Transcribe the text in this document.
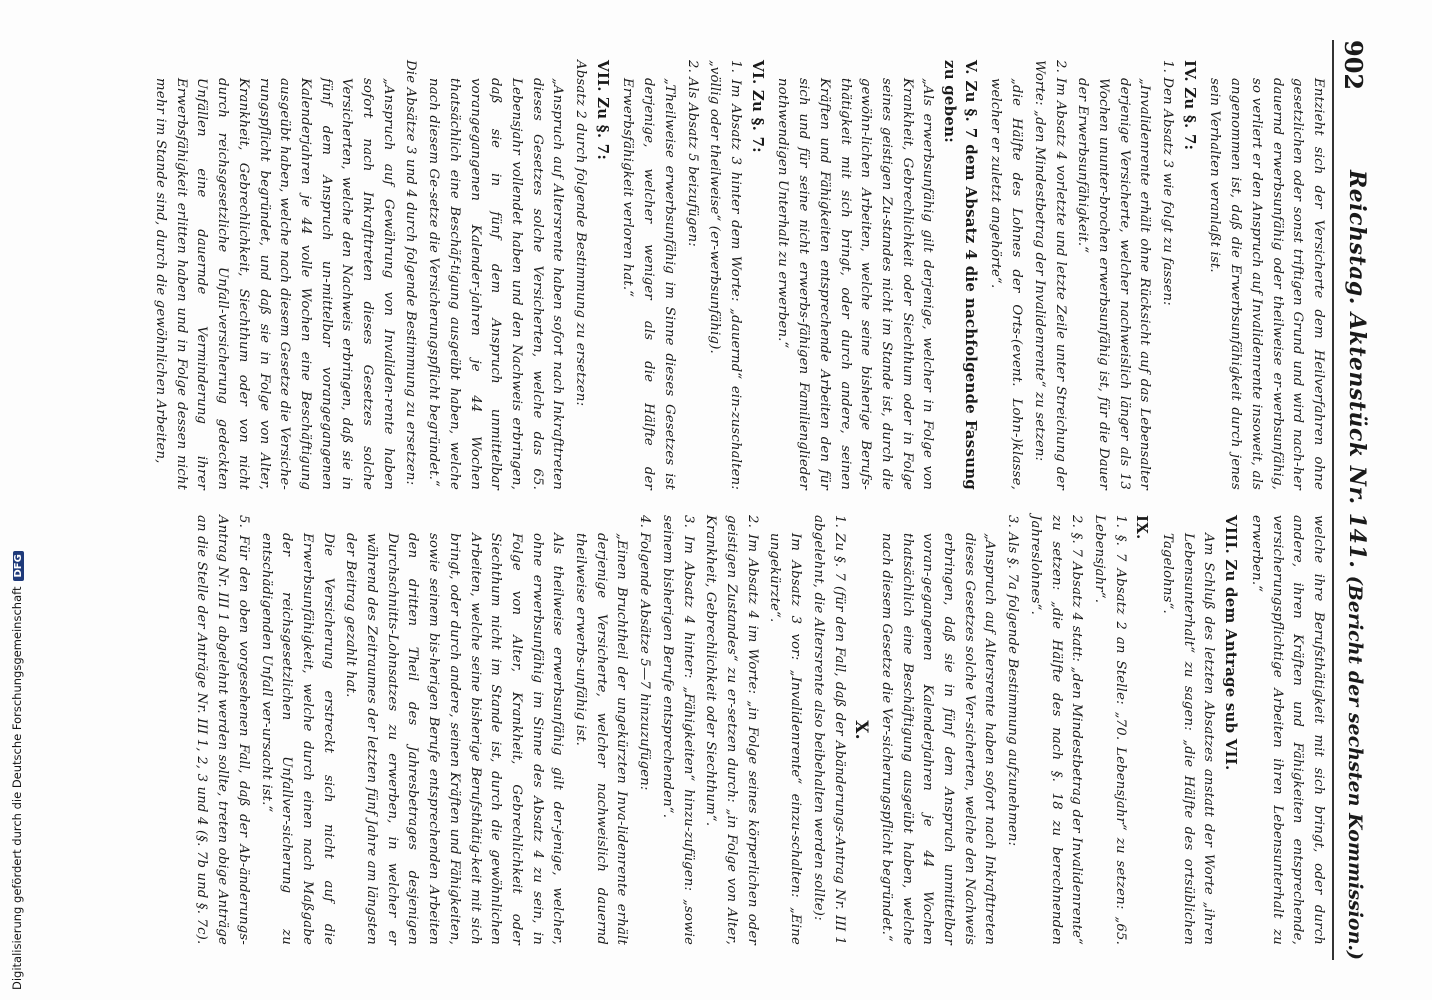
902
Reichstag. Aktenstück Nr. 141.
(Bericht der sechsten Kommission.)
Entzieht sich der Versicherte dem Heilverfahren ohne gesetzlichen oder sonst triftigen Grund und wird nach-her dauernd erwerbsunfähig oder theilweise er-werbsunfähig, so verliert er den Anspruch auf Invalidenrente insoweit, als angenommen ist, daß die Erwerbsunfähigkeit durch jenes sein Verhalten veranlaßt ist.
IV. Zu §. 7:
1. Den Absatz 3 wie folgt zu fassen:
„Invalidenrente erhält ohne Rücksicht auf das Lebensalter derjenige Versicherte, welcher nachweislich länger als 13 Wochen ununter-brochen erwerbsunfähig ist, für die Dauer der Erwerbsunfähigkeit.“
2. Im Absatz 4 vorletzte und letzte Zeile unter Streichung der Worte: „den Mindestbetrag der Invalidenrente“ zu setzen:
„die Hälfte des Lohnes der Orts-(event. Lohn-)klasse, welcher er zuletzt angehörte“.
V. Zu §. 7 dem Absatz 4 die nachfolgende Fassung zu geben:
„Als erwerbsunfähig gilt derjenige, welcher in Folge von Krankheit, Gebrechlichkeit oder Siechthum oder in Folge seines geistigen Zu-standes nicht im Stande ist, durch die gewöhn-lichen Arbeiten, welche seine bisherige Berufs-thätigkeit mit sich bringt, oder durch andere, seinen Kräften und Fähigkeiten entsprechende Arbeiten den für sich und für seine nicht erwerbs-fähigen Familienglieder nothwendigen Unterhalt zu erwerben.“
VI. Zu §. 7:
1. Im Absatz 3 hinter dem Worte: „dauernd“ ein-zuschalten: „völlig oder theilweise“ (er-werbsunfähig).
2. Als Absatz 5 beizufügen:
„Theilweise erwerbsunfähig im Sinne dieses Gesetzes ist derjenige, welcher weniger als die Hälfte der Erwerbsfähigkeit verloren hat.“
VII. Zu §. 7:
Absatz 2 durch folgende Bestimmung zu ersetzen:
„Anspruch auf Altersrente haben sofort nach Inkrafttreten dieses Gesetzes solche Versicherten, welche das 65. Lebensjahr vollendet haben und den Nachweis erbringen, daß sie in fünf dem Anspruch unmittelbar vorangegangenen Kalender-jahren je 44 Wochen thatsächlich eine Beschäf-tigung ausgeübt haben, welche nach diesem Ge-setze die Versicherungspflicht begründet.“
Die Absätze 3 und 4 durch folgende Bestimmung zu ersetzen:
„Anspruch auf Gewährung von Invaliden-rente haben sofort nach Inkrafttreten dieses Gesetzes solche Versicherten, welche den Nachweis erbringen, daß sie in fünf dem Anspruch un-mittelbar vorangegangenen Kalenderjahren je 44 volle Wochen eine Beschäftigung ausgeübt haben, welche nach diesem Gesetze die Versiche-rungspflicht begründet, und daß sie in Folge von Alter, Krankheit, Gebrechlichkeit, Siechthum oder von nicht durch reichsgesetzliche Unfall-versicherung gedeckten Unfällen eine dauernde Verminderung ihrer Erwerbsfähigkeit erlitten haben und in Folge dessen nicht mehr im Stande sind, durch die gewöhnlichen Arbeiten,
welche ihre Berufsthätigkeit mit sich bringt, oder durch andere, ihren Kräften und Fähigkeiten entsprechende, versicherungspflichtige Arbeiten ihren Lebensunterhalt zu erwerben.“
VIII. Zu dem Antrage sub VII.
Am Schluß des letzten Absatzes anstatt der Worte „ihren Lebensunterhalt“ zu sagen: „die Hälfte des ortsüblichen Tagelohns“.
IX.
1. §. 7 Absatz 2 an Stelle: „70. Lebensjahr“ zu setzen: „65. Lebensjahr“.
2. §. 7 Absatz 4 statt: „den Mindestbetrag der Invalidenrente“ zu setzen: „die Hälfte des nach §. 18 zu berechnenden Jahreslohnes“.
3. Als §. 7a folgende Bestimmung aufzunehmen:
„Anspruch auf Altersrente haben sofort nach Inkrafttreten dieses Gesetzes solche Ver-sicherten, welche den Nachweis erbringen, daß sie in fünf dem Anspruch unmittelbar voran-gegangenen Kalenderjahren je 44 Wochen thatsächlich eine Beschäftigung ausgeübt haben, welche nach diesem Gesetze die Ver-sicherungspflicht begründet.“
X.
1. Zu §. 7 (für den Fall, daß der Abänderungs-Antrag Nr. III 1 abgelehnt, die Altersrente also beibehalten werden sollte):
Im Absatz 3 vor: „Invalidenrente“ einzu-schalten: „Eine ungekürzte“.
2. Im Absatz 4 im Worte: „in Folge seines körperlichen oder geistigen Zustandes“ zu er-setzen durch: „in Folge von Alter, Krankheit, Gebrechlichkeit oder Siechthum“.
3. Im Absatz 4 hinter: „Fähigkeiten“ hinzu-zufügen: „sowie seinem bisherigen Berufe entsprechenden“.
4. Folgende Absätze 5—7 hinzuzufügen:
„Einen Bruchtheil der ungekürzten Inva-lidenrente erhält derjenige Versicherte, welcher nachweislich dauernd theilweise erwerbs-unfähig ist.
Als theilweise erwerbsunfähig gilt der-jenige, welcher, ohne erwerbsunfähig im Sinne des Absatz 4 zu sein, in Folge von Alter, Krankheit, Gebrechlichkeit oder Siechthum nicht im Stande ist, durch die gewöhnlichen Arbeiten, welche seine bisherige Berufsthätig-keit mit sich bringt, oder durch andere, seinen Kräften und Fähigkeiten, sowie seinem bis-herigen Berufe entsprechenden Arbeiten den dritten Theil des Jahresbetrages desjenigen Durchschnitts-Lohnsatzes zu erwerben, in welcher er während des Zeitraumes der letzten fünf Jahre am längsten der Beitrag gezahlt hat.
Die Versicherung erstreckt sich nicht auf die Erwerbsunfähigkeit, welche durch einen nach Maßgabe der reichsgesetzlichen Unfallver-sicherung zu entschädigenden Unfall ver-ursacht ist.“
5. Für den oben vorgesehenen Fall, daß der Ab-änderungs-Antrag Nr. III 1 abgelehnt werden sollte, treten obige Anträge an die Stelle der Anträge Nr. III 1, 2, 3 und 4 (§. 7b und §. 7c).
Digitalisierung gefördert durch die Deutsche ForschungsgemeinschaftDFG
